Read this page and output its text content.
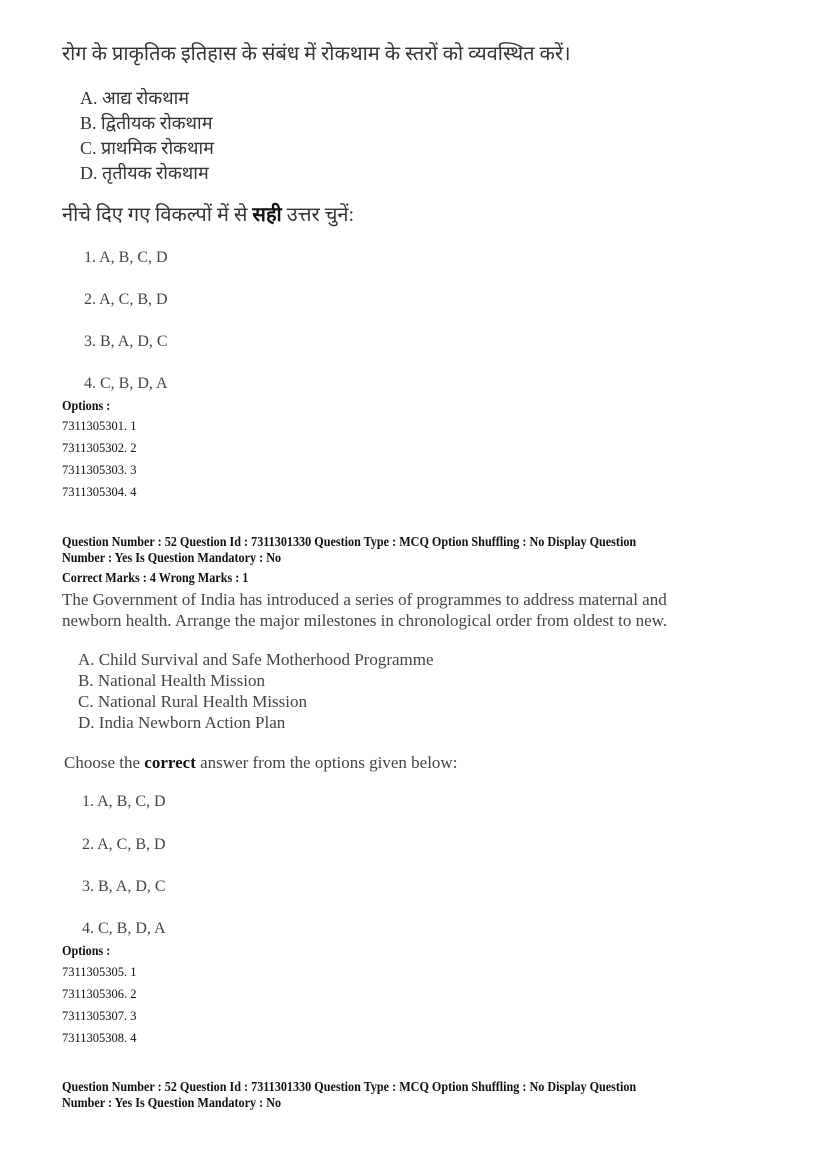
रोग के प्राकृतिक इतिहास के संबंध में रोकथाम के स्तरों को व्यवस्थित करें।
A. आद्य रोकथाम
B. द्वितीयक रोकथाम
C. प्राथमिक रोकथाम
D. तृतीयक रोकथाम
नीचे दिए गए विकल्पों में से सही उत्तर चुनें:
1. A, B, C, D
2. A, C, B, D
3. B, A, D, C
4. C, B, D, A
Options :
7311305301. 1
7311305302. 2
7311305303. 3
7311305304. 4
Question Number : 52 Question Id : 7311301330 Question Type : MCQ Option Shuffling : No Display Question
Number : Yes Is Question Mandatory : No
Correct Marks : 4 Wrong Marks : 1
The Government of India has introduced a series of programmes to address maternal and
newborn health. Arrange the major milestones in chronological order from oldest to new.
A. Child Survival and Safe Motherhood Programme
B. National Health Mission
C. National Rural Health Mission
D. India Newborn Action Plan
Choose the correct answer from the options given below:
1. A, B, C, D
2. A, C, B, D
3. B, A, D, C
4. C, B, D, A
Options :
7311305305. 1
7311305306. 2
7311305307. 3
7311305308. 4
Question Number : 52 Question Id : 7311301330 Question Type : MCQ Option Shuffling : No Display Question
Number : Yes Is Question Mandatory : No
